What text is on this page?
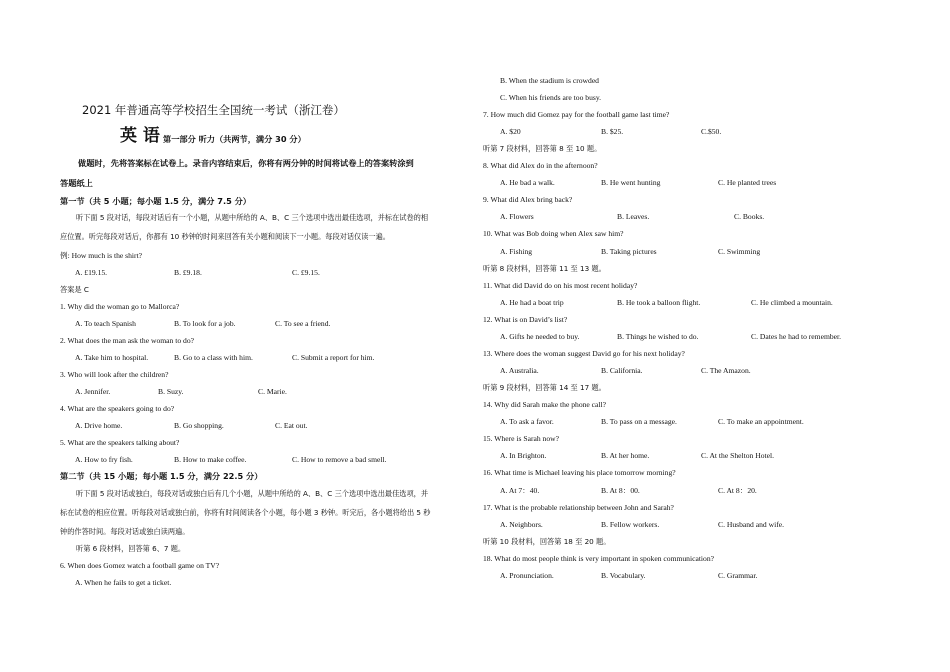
2021 年普通高等学校招生全国统一考试（浙江卷）
英 语 第一部分 听力（共两节，满分 30 分）
做题时，先将答案标在试卷上。录音内容结束后，你将有两分钟的时间将试卷上的答案转涂到
答题纸上
第一节（共 5 小题；每小题 1.5 分，满分 7.5 分）
听下面 5 段对话，每段对话后有一个小题，从题中所给的 A、B、C 三个选项中选出最佳选项，并标在试卷的相
应位置。听完每段对话后，你都有 10 秒钟的时间来回答有关小题和阅读下一小题。每段对话仅读一遍。
例: How much is the shirt?
A. £19.15.	B. £9.18.	C. £9.15.
答案是 C
1. Why did the woman go to Mallorca?
A. To teach Spanish	B. To look for a job.	C. To see a friend.
2. What does the man ask the woman to do?
A. Take him to hospital.	B. Go to a class with him.	C. Submit a report for him.
3. Who will look after the children?
A. Jennifer.	B. Suzy.	C. Marie.
4. What are the speakers going to do?
A. Drive home.	B. Go shopping.	C. Eat out.
5. What are the speakers talking about?
A. How to fry fish.	B. How to make coffee.	C. How to remove a bad smell.
第二节（共 15 小题；每小题 1.5 分，满分 22.5 分）
听下面 5 段对话或独白，每段对话或独白后有几个小题，从题中所给的 A、B、C 三个选项中选出最佳选项，并
标在试卷的相应位置。听每段对话或独白前，你将有时间阅读各个小题，每小题 3 秒钟。听完后，各小题将给出 5 秒
钟的作答时间。每段对话或独白读两遍。
听第 6 段材料，回答第 6、7 题。
6. When does Gomez watch a football game on TV?
A. When he fails to get a ticket.
B. When the stadium is crowded
C. When his friends are too busy.
7. How much did Gomez pay for the football game last time?
A. $20	B. $25.	C.$50.
听第 7 段材料，回答第 8 至 10 题。
8. What did Alex do in the afternoon?
A. He bad a walk.	B. He went hunting	C. He planted trees
9. What did Alex bring back?
A. Flowers	B. Leaves.	C. Books.
10. What was Bob doing when Alex saw him?
A. Fishing	B. Taking pictures	C. Swimming
听第 8 段材料，回答第 11 至 13 题。
11. What did David do on his most recent holiday?
A. He had a boat trip	B. He took a balloon flight.	C. He climbed a mountain.
12. What is on David’s list?
A. Gifts he needed to buy.	B. Things he wished to do.	C. Dates he had to remember.
13. Where does the woman suggest David go for his next holiday?
A. Australia.	B. California.	C. The Amazon.
听第 9 段材料，回答第 14 至 17 题。
14. Why did Sarah make the phone call?
A. To ask a favor.	B. To pass on a message.	C. To make an appointment.
15. Where is Sarah now?
A. In Brighton.	B. At her home.	C. At the Shelton Hotel.
16. What time is Michael leaving his place tomorrow morning?
A. At 7：40.	B. At 8：00.	C. At 8：20.
17. What is the probable relationship between John and Sarah?
A. Neighbors.	B. Fellow workers.	C. Husband and wife.
听第 10 段材料，回答第 18 至 20 题。
18. What do most people think is very important in spoken communication?
A. Pronunciation.	B. Vocabulary.	C. Grammar.
